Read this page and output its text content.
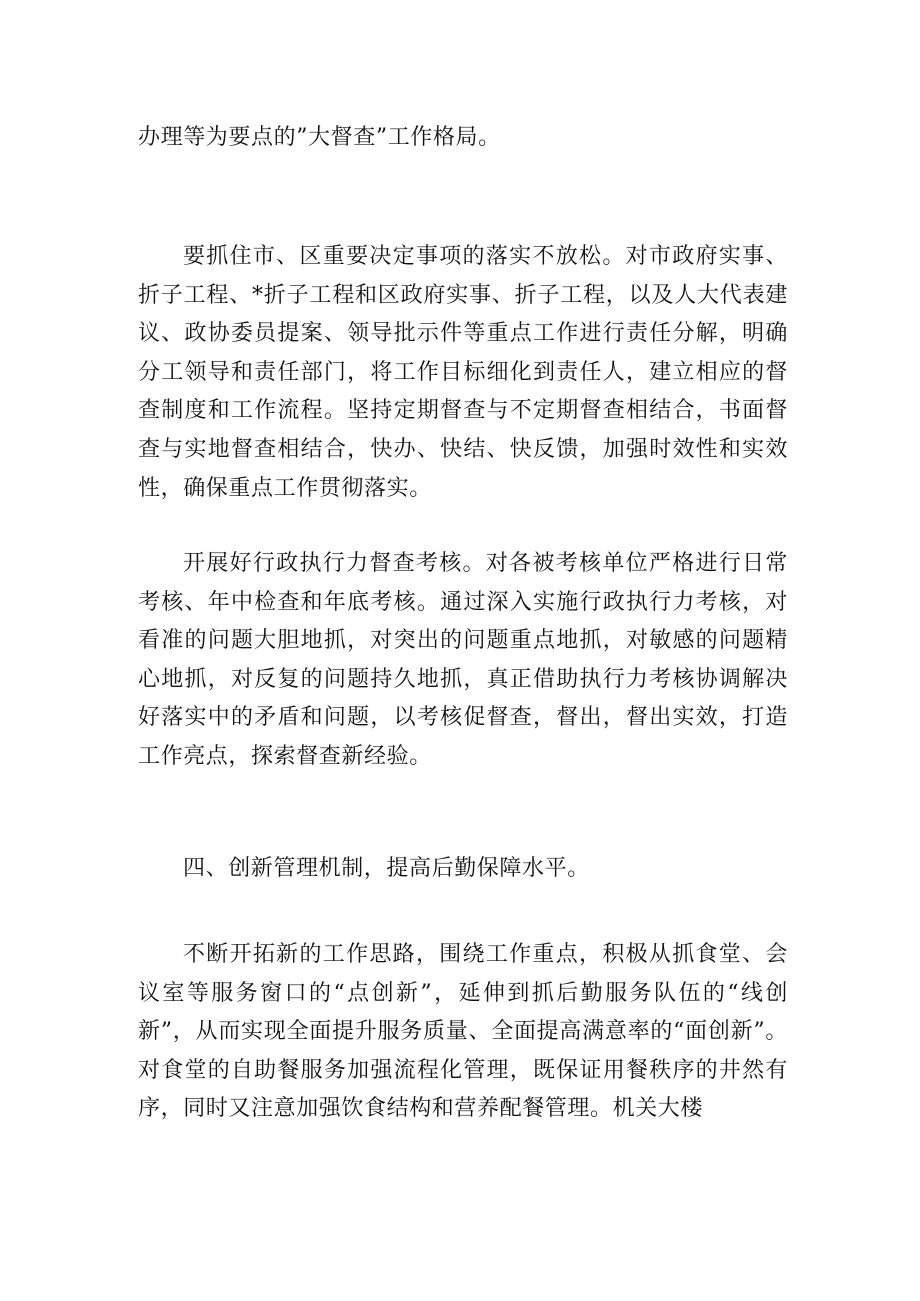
办理等为要点的”大督查”工作格局。

要抓住市、区重要决定事项的落实不放松。对市政府实事、折子工程、*折子工程和区政府实事、折子工程，以及人大代表建议、政协委员提案、领导批示件等重点工作进行责任分解，明确分工领导和责任部门，将工作目标细化到责任人，建立相应的督查制度和工作流程。坚持定期督查与不定期督查相结合，书面督查与实地督查相结合，快办、快结、快反馈，加强时效性和实效性，确保重点工作贯彻落实。

开展好行政执行力督查考核。对各被考核单位严格进行日常考核、年中检查和年底考核。通过深入实施行政执行力考核，对看准的问题大胆地抓，对突出的问题重点地抓，对敏感的问题精心地抓，对反复的问题持久地抓，真正借助执行力考核协调解决好落实中的矛盾和问题，以考核促督查，督出，督出实效，打造工作亮点，探索督查新经验。

四、创新管理机制，提高后勤保障水平。

不断开拓新的工作思路，围绕工作重点，积极从抓食堂、会议室等服务窗口的“点创新”，延伸到抓后勤服务队伍的“线创新”，从而实现全面提升服务质量、全面提高满意率的“面创新”。对食堂的自助餐服务加强流程化管理，既保证用餐秩序的井然有序，同时又注意加强饮食结构和营养配餐管理。机关大楼
